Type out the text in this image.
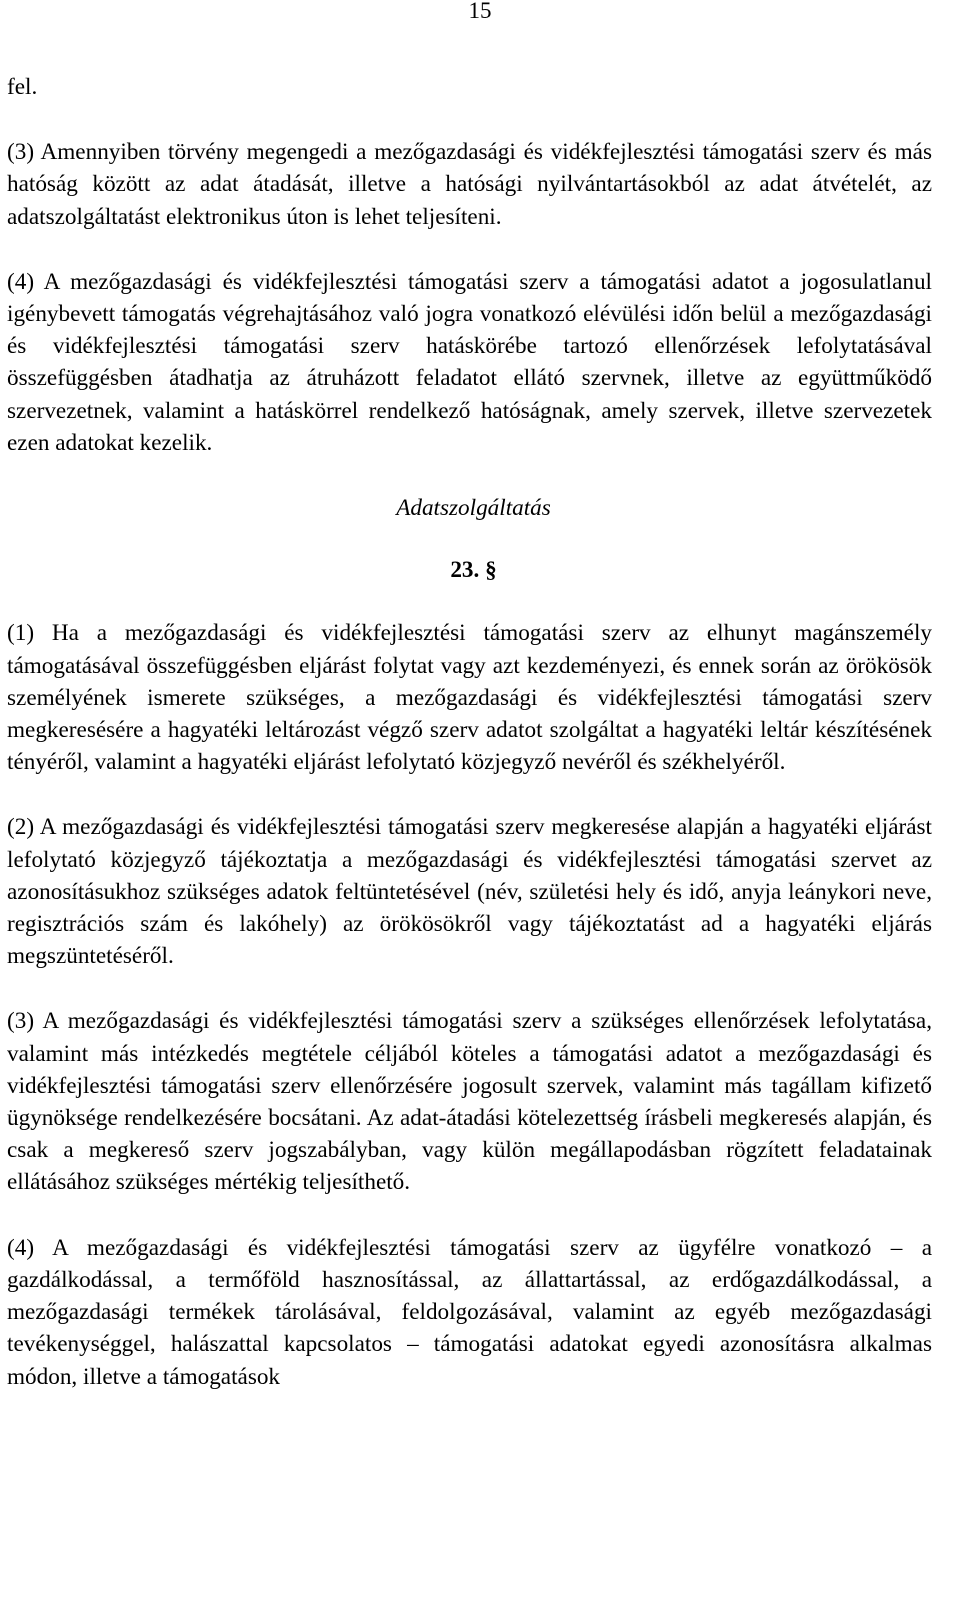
15

fel.

(3) Amennyiben törvény megengedi a mezőgazdasági és vidékfejlesztési támogatási szerv és más hatóság között az adat átadását, illetve a hatósági nyilvántartásokból az adat átvételét, az adatszolgáltatást elektronikus úton is lehet teljesíteni.

(4) A mezőgazdasági és vidékfejlesztési támogatási szerv a támogatási adatot a jogosulatlanul igénybevett támogatás végrehajtásához való jogra vonatkozó elévülési időn belül a mezőgazdasági és vidékfejlesztési támogatási szerv hatáskörébe tartozó ellenőrzések lefolytatásával összefüggésben átadhatja az átruházott feladatot ellátó szervnek, illetve az együttműködő szervezetnek, valamint a hatáskörrel rendelkező hatóságnak, amely szervek, illetve szervezetek ezen adatokat kezelik.

Adatszolgáltatás
23. §

(1) Ha a mezőgazdasági és vidékfejlesztési támogatási szerv az elhunyt magánszemély támogatásával összefüggésben eljárást folytat vagy azt kezdeményezi, és ennek során az örökösök személyének ismerete szükséges, a mezőgazdasági és vidékfejlesztési támogatási szerv megkeresésére a hagyatéki leltározást végző szerv adatot szolgáltat a hagyatéki leltár készítésének tényéről, valamint a hagyatéki eljárást lefolytató közjegyző nevéről és székhelyéről.

(2) A mezőgazdasági és vidékfejlesztési támogatási szerv megkeresése alapján a hagyatéki eljárást lefolytató közjegyző tájékoztatja a mezőgazdasági és vidékfejlesztési támogatási szervet az azonosításukhoz szükséges adatok feltüntetésével (név, születési hely és idő, anyja leánykori neve, regisztrációs szám és lakóhely) az örökösökről vagy tájékoztatást ad a hagyatéki eljárás megszüntetéséről.

(3) A mezőgazdasági és vidékfejlesztési támogatási szerv a szükséges ellenőrzések lefolytatása, valamint más intézkedés megtétele céljából köteles a támogatási adatot a mezőgazdasági és vidékfejlesztési támogatási szerv ellenőrzésére jogosult szervek, valamint más tagállam kifizető ügynöksége rendelkezésére bocsátani. Az adat-átadási kötelezettség írásbeli megkeresés alapján, és csak a megkereső szerv jogszabályban, vagy külön megállapodásban rögzített feladatainak ellátásához szükséges mértékig teljesíthető.

(4) A mezőgazdasági és vidékfejlesztési támogatási szerv az ügyfélre vonatkozó – a gazdálkodással, a termőföld hasznosítással, az állattartással, az erdőgazdálkodással, a mezőgazdasági termékek tárolásával, feldolgozásával, valamint az egyéb mezőgazdasági tevékenységgel, halászattal kapcsolatos – támogatási adatokat egyedi azonosításra alkalmas módon, illetve a támogatások
